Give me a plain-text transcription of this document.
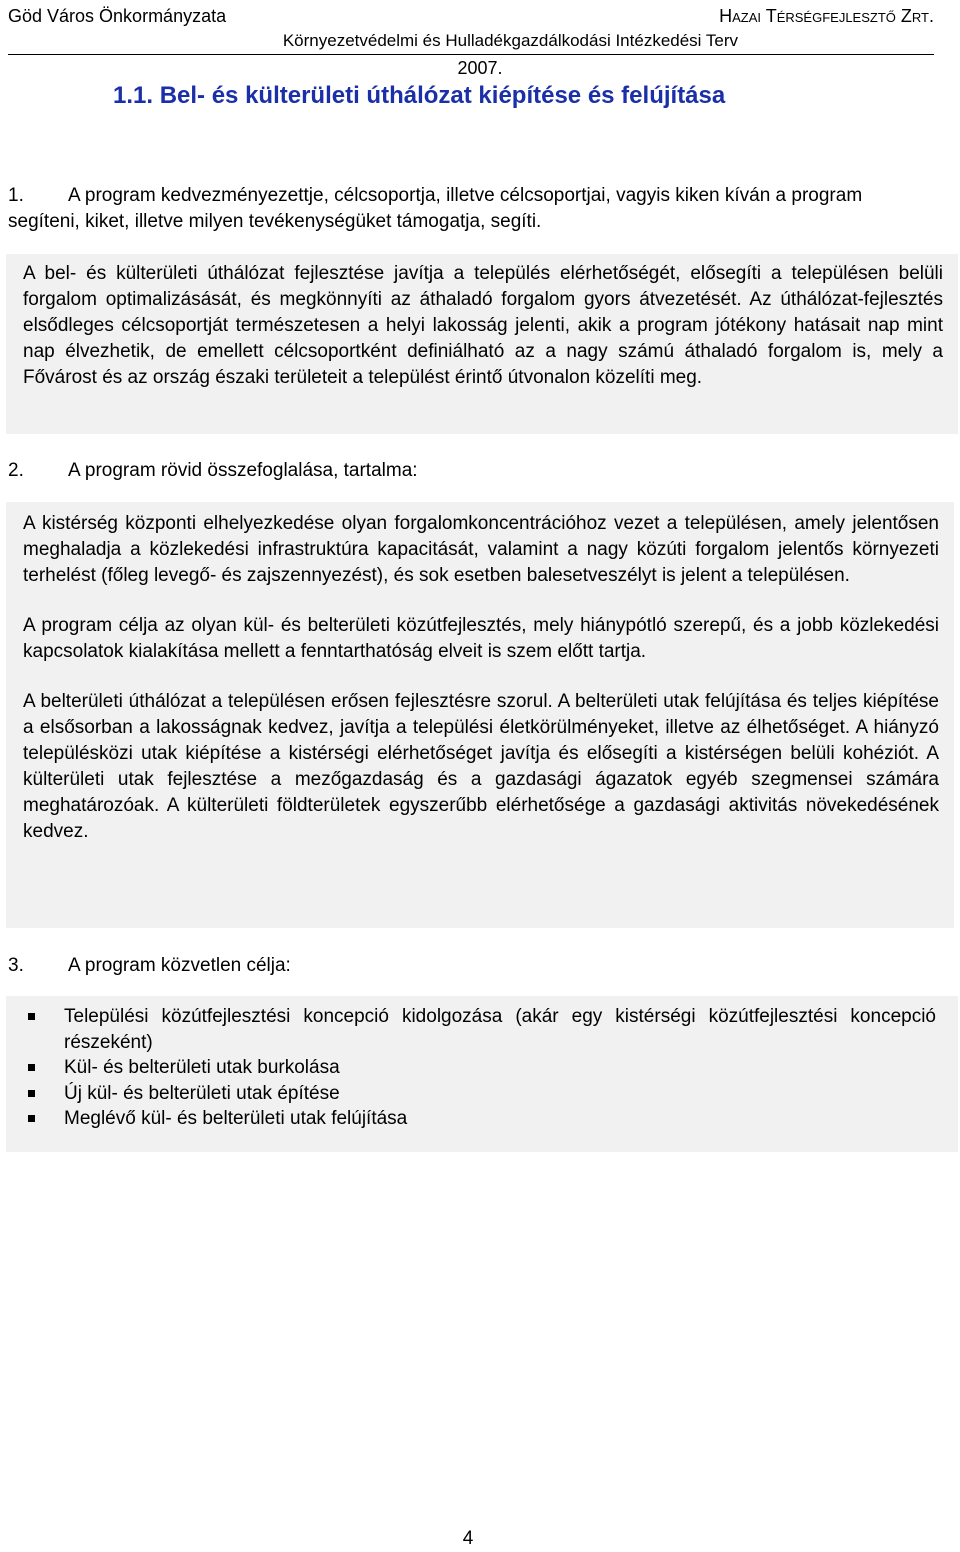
Göd Város Önkormányzata	Hazai Térségfejlesztő Zrt.
Környezetvédelmi és Hulladékgazdálkodási Intézkedési Terv
2007.
1.1. Bel- és külterületi úthálózat kiépítése és felújítása
1. A program kedvezményezettje, célcsoportja, illetve célcsoportjai, vagyis kiken kíván a program segíteni, kiket, illetve milyen tevékenységüket támogatja, segíti.

A bel- és külterületi úthálózat fejlesztése javítja a település elérhetőségét, elősegíti a településen belüli forgalom optimalizásását, és megkönnyíti az áthaladó forgalom gyors átvezetését. Az úthálózat-fejlesztés elsődleges célcsoportját természetesen a helyi lakosság jelenti, akik a program jótékony hatásait nap mint nap élvezhetik, de emellett célcsoportként definiálható az a nagy számú áthaladó forgalom is, mely a Fővárost és az ország északi területeit a települést érintő útvonalon közelíti meg.

2. A program rövid összefoglalása, tartalma:

A kistérség központi elhelyezkedése olyan forgalomkoncentrációhoz vezet a településen, amely jelentősen meghaladja a közlekedési infrastruktúra kapacitását, valamint a nagy közúti forgalom jelentős környezeti terhelést (főleg levegő- és zajszennyezést), és sok esetben balesetveszélyt is jelent a településen.

A program célja az olyan kül- és belterületi közútfejlesztés, mely hiánypótló szerepű, és a jobb közlekedési kapcsolatok kialakítása mellett a fenntarthatóság elveit is szem előtt tartja.

A belterületi úthálózat a településen erősen fejlesztésre szorul. A belterületi utak felújítása és teljes kiépítése a elsősorban a lakosságnak kedvez, javítja a települési életkörülményeket, illetve az élhetőséget. A hiányzó településközi utak kiépítése a kistérségi elérhetőséget javítja és elősegíti a kistérségen belüli kohéziót. A külterületi utak fejlesztése a mezőgazdaság és a gazdasági ágazatok egyéb szegmensei számára meghatározóak. A külterületi földterületek egyszerűbb elérhetősége a gazdasági aktivitás növekedésének kedvez.

3. A program közvetlen célja:
Települési közútfejlesztési koncepció kidolgozása (akár egy kistérségi közútfejlesztési koncepció részeként)
Kül- és belterületi utak burkolása
Új kül- és belterületi utak építése
Meglévő kül- és belterületi utak felújítása
4
